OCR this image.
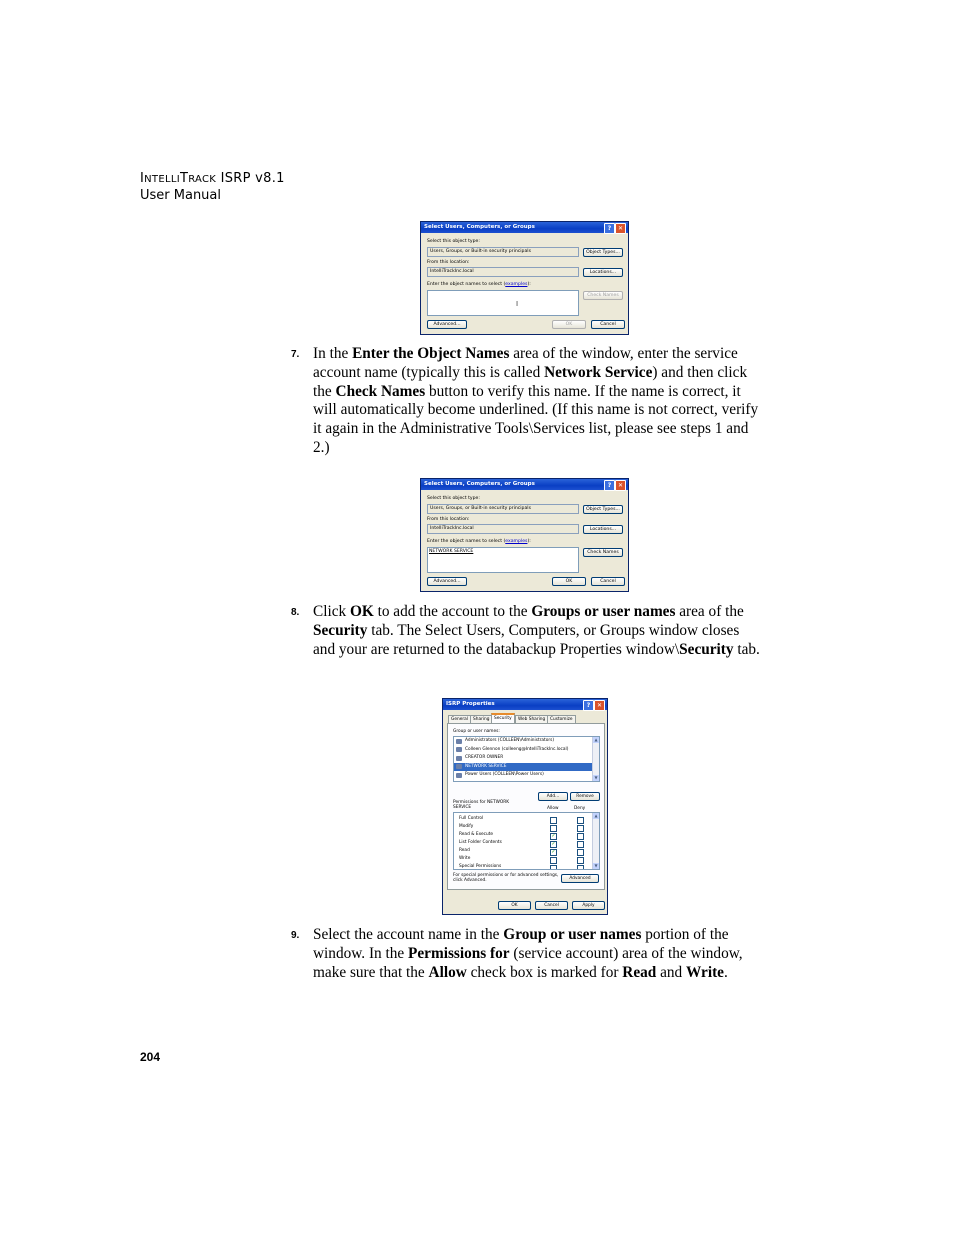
INTELLITRACK ISRP v8.1
User Manual
Select Users, Computers, or Groups	?	✕
Select this object type:
Users, Groups, or Built-in security principals	Object Types...
From this location:
IntelliTrackInc.local	Locations...
Enter the object names to select (examples):
I
Check Names
Advanced...	OK	Cancel
7. In the Enter the Object Names area of the window, enter the service account name (typically this is called Network Service) and then click the Check Names button to verify this name. If the name is correct, it will automatically become underlined. (If this name is not correct, verify it again in the Administrative Tools\Services list, please see steps 1 and 2.)
Select Users, Computers, or Groups	?	✕
Select this object type:
Users, Groups, or Built-in security principals	Object Types...
From this location:
IntelliTrackInc.local	Locations...
Enter the object names to select (examples):
NETWORK SERVICE	Check Names
Advanced...	OK	Cancel
8. Click OK to add the account to the Groups or user names area of the Security tab. The Select Users, Computers, or Groups window closes and your are returned to the databackup Properties window\Security tab.
ISRP Properties	?	✕
General	Sharing	Security	Web Sharing	Customize
Group or user names:
Administrators (COLLEEN\Administrators)
Colleen Glennon (colleeng@IntelliTrackInc.local)
CREATOR OWNER
NETWORK SERVICE
Power Users (COLLEEN\Power Users)
▲
▼
Add...	Remove
Permissions for NETWORK
SERVICE	Allow	Deny
Full Control
Modify
Read & Execute	✓
List Folder Contents	✓
Read	✓
Write
Special Permissions
▲
▼
For special permissions or for advanced settings,
click Advanced.	Advanced
OK	Cancel	Apply
9. Select the account name in the Group or user names portion of the window. In the Permissions for (service account) area of the window, make sure that the Allow check box is marked for Read and Write.
204
